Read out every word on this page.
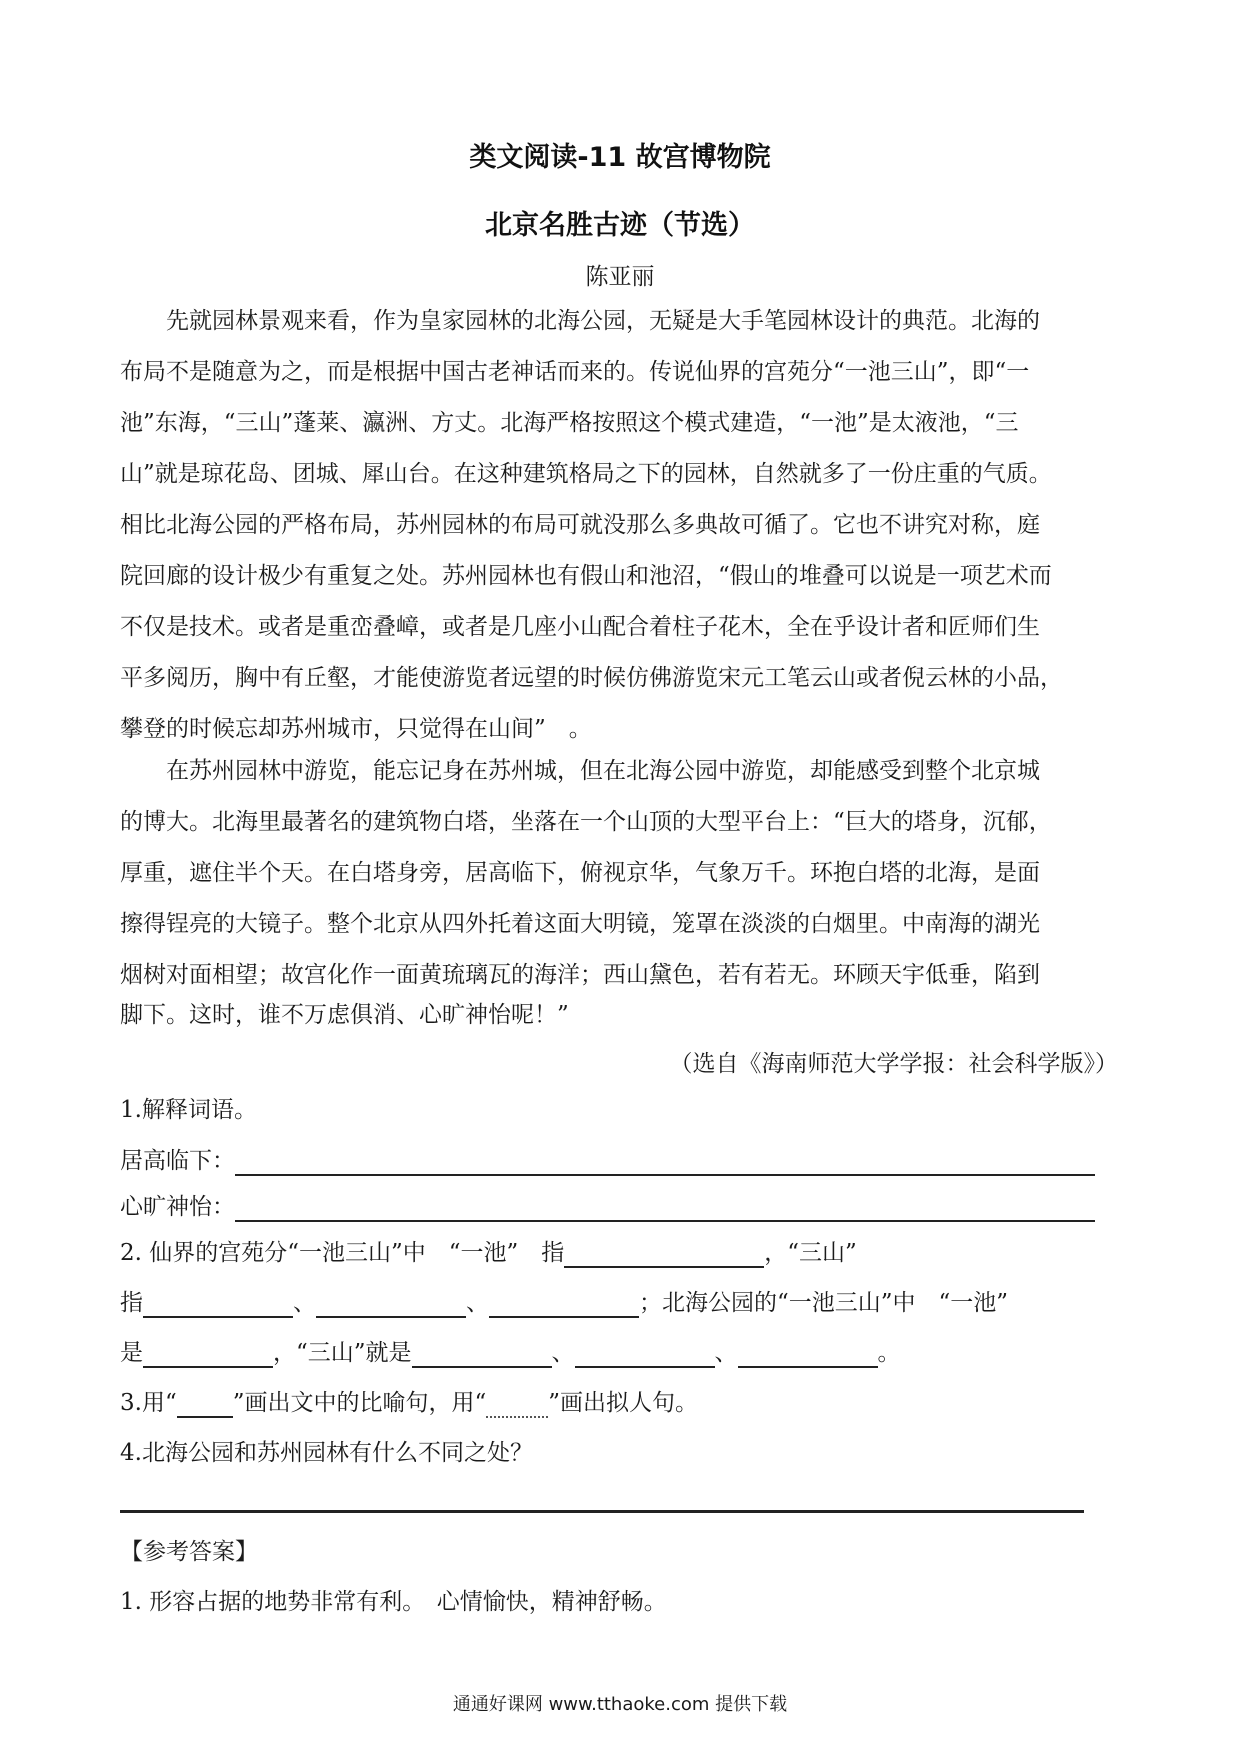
类文阅读-11 故宫博物院
北京名胜古迹（节选）
陈亚丽
　　先就园林景观来看，作为皇家园林的北海公园，无疑是大手笔园林设计的典范。北海的
布局不是随意为之，而是根据中国古老神话而来的。传说仙界的宫苑分“一池三山”，即“一
池”东海，“三山”蓬莱、瀛洲、方丈。北海严格按照这个模式建造，“一池”是太液池，“三
山”就是琼花岛、团城、犀山台。在这种建筑格局之下的园林，自然就多了一份庄重的气质。
相比北海公园的严格布局，苏州园林的布局可就没那么多典故可循了。它也不讲究对称，庭
院回廊的设计极少有重复之处。苏州园林也有假山和池沼，“假山的堆叠可以说是一项艺术而
不仅是技术。或者是重峦叠嶂，或者是几座小山配合着柱子花木，全在乎设计者和匠师们生
平多阅历，胸中有丘壑，才能使游览者远望的时候仿佛游览宋元工笔云山或者倪云林的小品，
攀登的时候忘却苏州城市，只觉得在山间”　。
　　在苏州园林中游览，能忘记身在苏州城，但在北海公园中游览，却能感受到整个北京城
的博大。北海里最著名的建筑物白塔，坐落在一个山顶的大型平台上：“巨大的塔身，沉郁，
厚重，遮住半个天。在白塔身旁，居高临下，俯视京华，气象万千。环抱白塔的北海，是面
擦得锃亮的大镜子。整个北京从四外托着这面大明镜，笼罩在淡淡的白烟里。中南海的湖光
烟树对面相望；故宫化作一面黄琉璃瓦的海洋；西山黛色，若有若无。环顾天宇低垂，陷到
脚下。这时，谁不万虑俱消、心旷神怡呢！”
（选自《海南师范大学学报：社会科学版》）
1.解释词语。
居高临下：
心旷神怡：
2. 仙界的宫苑分“一池三山”中　“一池”　指	，“三山”
指	、	、	；北海公园的“一池三山”中　“一池”
是	，“三山”就是	、	、	。
3.用“ ”画出文中的比喻句，用“	”画出拟人句。
4.北海公园和苏州园林有什么不同之处？
【参考答案】
1. 形容占据的地势非常有利。　心情愉快，精神舒畅。
通通好课网 www.tthaoke.com 提供下载
